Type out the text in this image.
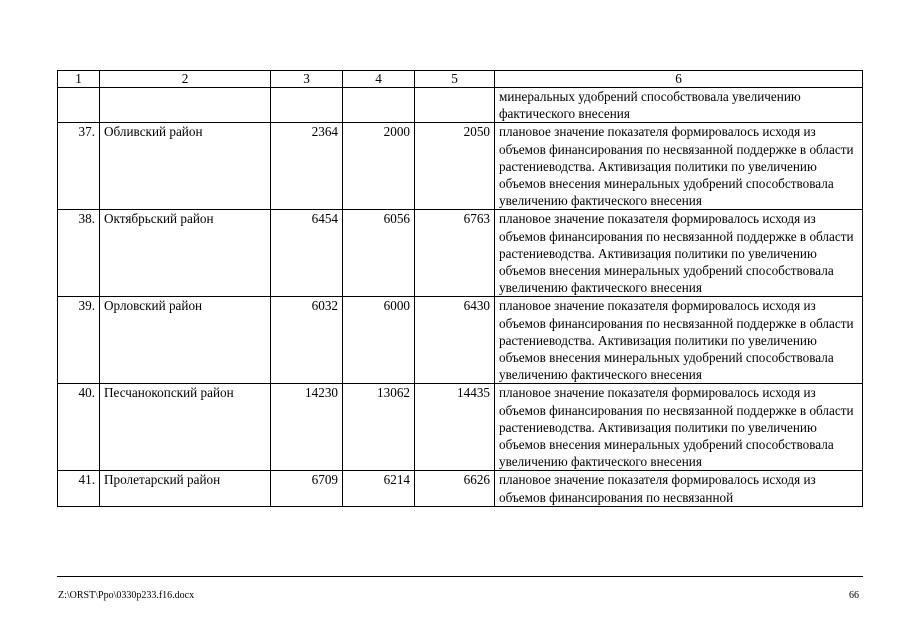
1	2	3	4	5	6
					минеральных удобрений способствовала увеличению фактического внесения
37.	Обливский район	2364	2000	2050	плановое значение показателя формировалось исходя из объемов финансирования по несвязанной поддержке в области растениеводства. Активизация политики по увеличению объемов внесения минеральных удобрений способствовала увеличению фактического внесения
38.	Октябрьский район	6454	6056	6763	плановое значение показателя формировалось исходя из объемов финансирования по несвязанной поддержке в области растениеводства. Активизация политики по увеличению объемов внесения минеральных удобрений способствовала увеличению фактического внесения
39.	Орловский район	6032	6000	6430	плановое значение показателя формировалось исходя из объемов финансирования по несвязанной поддержке в области растениеводства. Активизация политики по увеличению объемов внесения минеральных удобрений способствовала увеличению фактического внесения
40.	Песчанокопский район	14230	13062	14435	плановое значение показателя формировалось исходя из объемов финансирования по несвязанной поддержке в области растениеводства. Активизация политики по увеличению объемов внесения минеральных удобрений способствовала увеличению фактического внесения
41.	Пролетарский район	6709	6214	6626	плановое значение показателя формировалось исходя из объемов финансирования по несвязанной
Z:\ORST\Ppo\0330p233.f16.docx	66
